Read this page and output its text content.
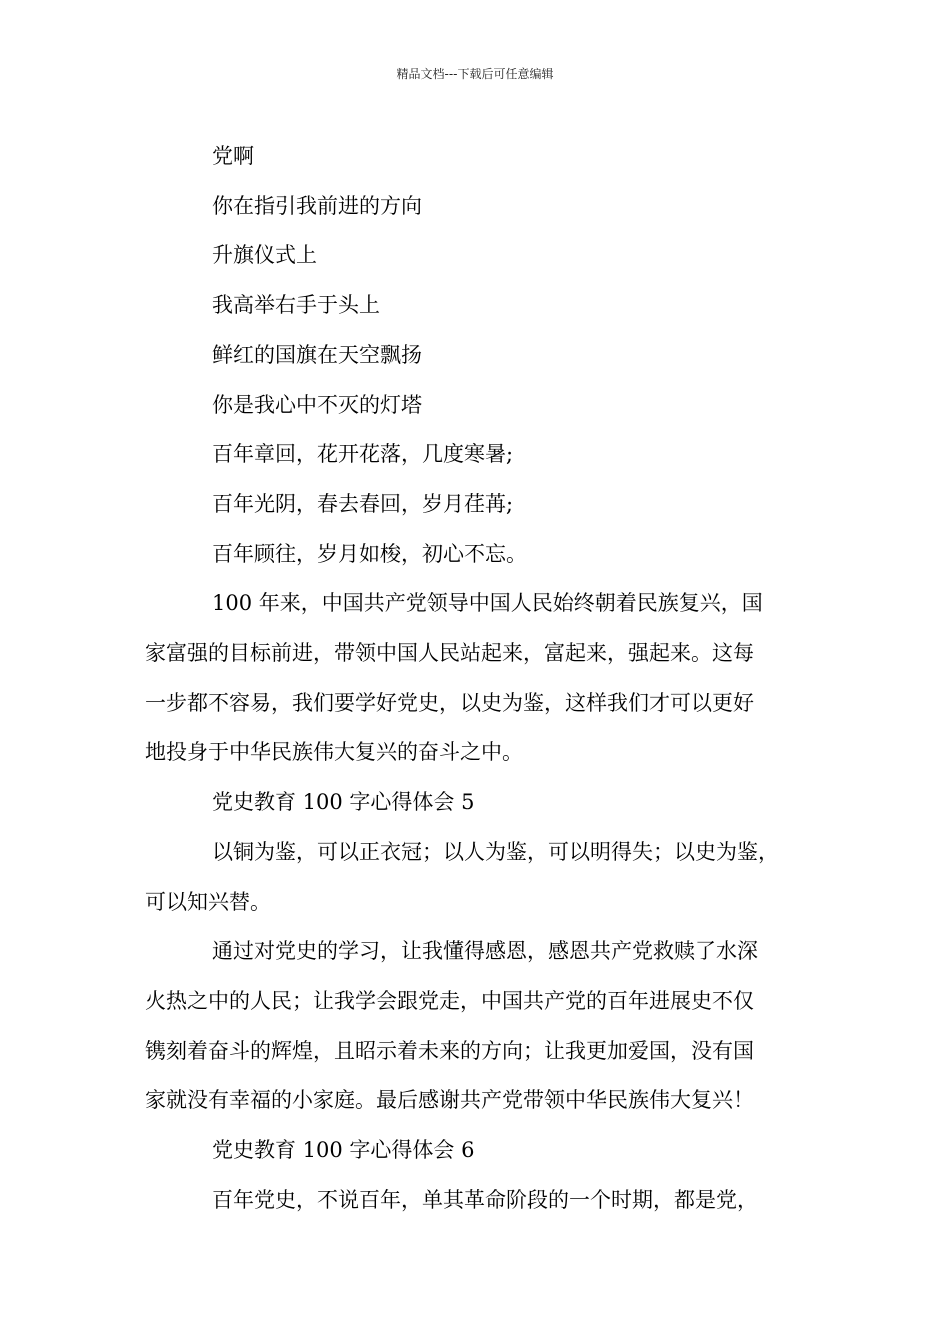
精品文档---下载后可任意编辑

党啊

你在指引我前进的方向

升旗仪式上

我高举右手于头上

鲜红的国旗在天空飘扬

你是我心中不灭的灯塔

百年章回，花开花落，几度寒暑;

百年光阴，春去春回，岁月荏苒;

百年顾往，岁月如梭，初心不忘。

100 年来，中国共产党领导中国人民始终朝着民族复兴，国

家富强的目标前进，带领中国人民站起来，富起来，强起来。这每

一步都不容易，我们要学好党史，以史为鉴，这样我们才可以更好

地投身于中华民族伟大复兴的奋斗之中。

党史教育 100 字心得体会 5

以铜为鉴，可以正衣冠；以人为鉴，可以明得失；以史为鉴，

可以知兴替。

通过对党史的学习，让我懂得感恩，感恩共产党救赎了水深

火热之中的人民；让我学会跟党走，中国共产党的百年进展史不仅

镌刻着奋斗的辉煌，且昭示着未来的方向；让我更加爱国，没有国

家就没有幸福的小家庭。最后感谢共产党带领中华民族伟大复兴！

党史教育 100 字心得体会 6

百年党史，不说百年，单其革命阶段的一个时期，都是党，
